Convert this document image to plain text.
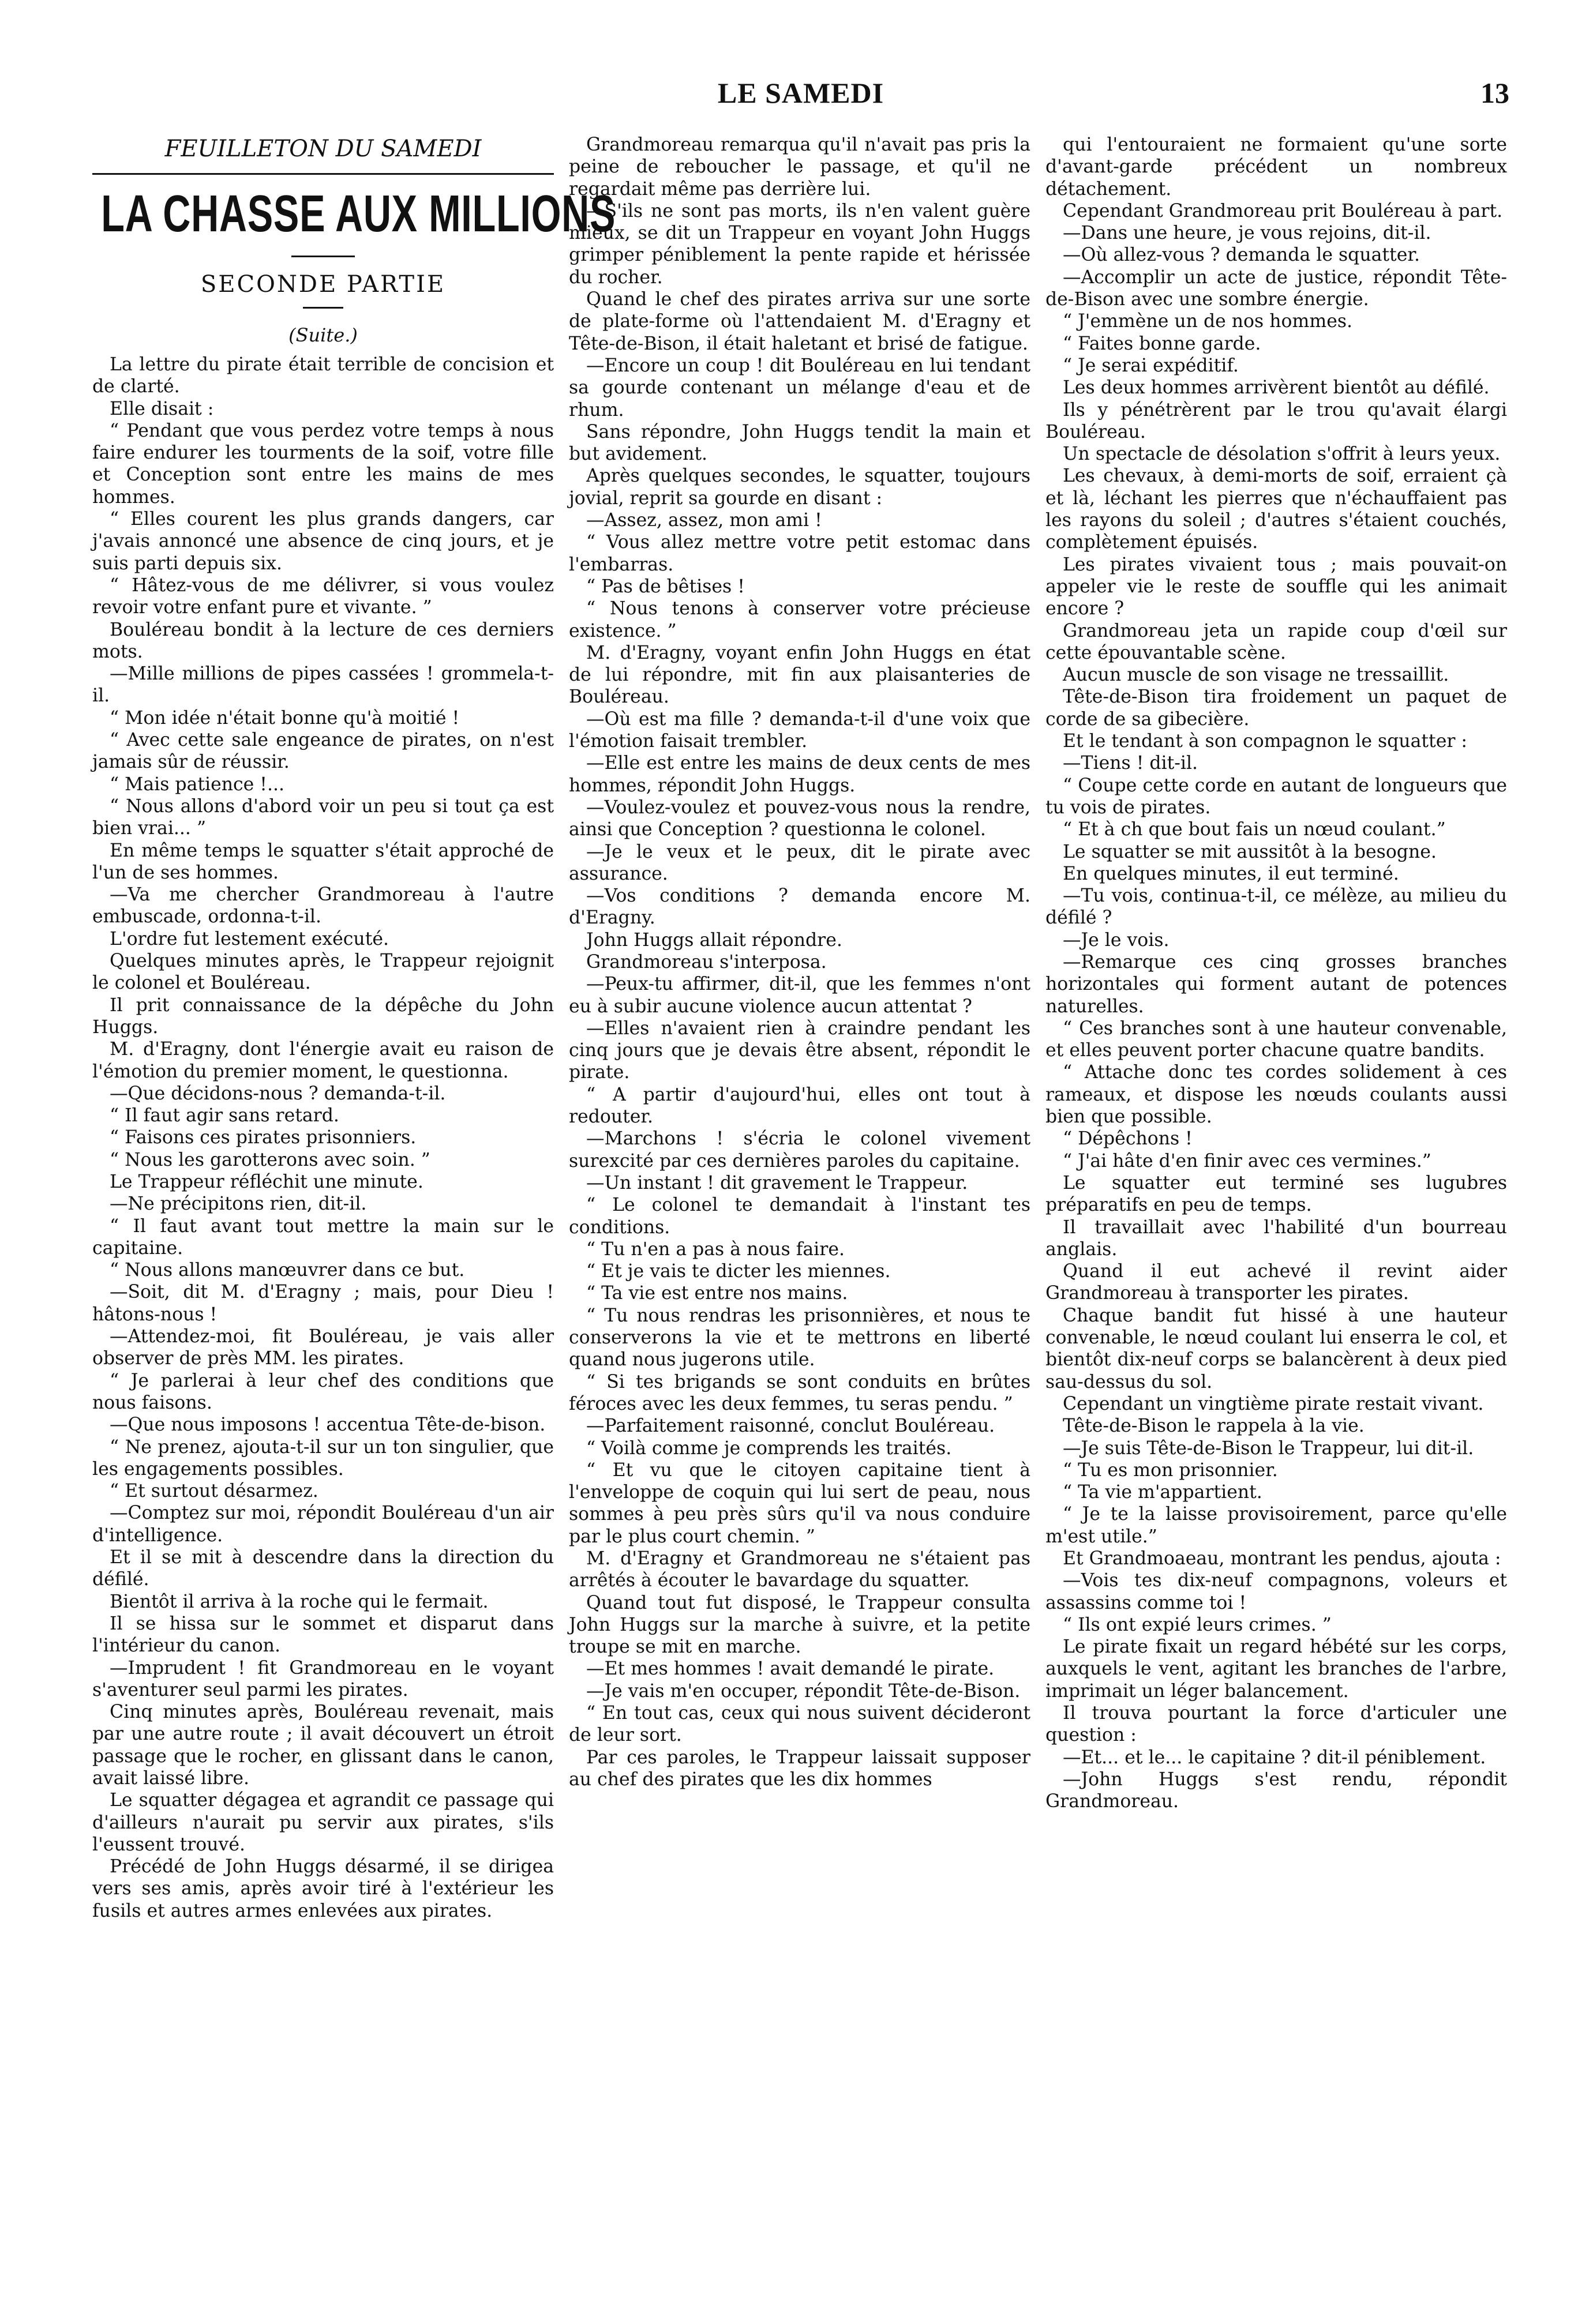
LE SAMEDI	13
FEUILLETON DU SAMEDI
LA CHASSE AUX MILLIONS
SECONDE PARTIE
(Suite.)

La lettre du pirate était terrible de concision et de clarté.

Elle disait :

“ Pendant que vous perdez votre temps à nous faire endurer les tourments de la soif, votre fille et Conception sont entre les mains de mes hommes.

“ Elles courent les plus grands dangers, car j'avais annoncé une absence de cinq jours, et je suis parti depuis six.

“ Hâtez-vous de me délivrer, si vous voulez revoir votre enfant pure et vivante. ”

Bouléreau bondit à la lecture de ces derniers mots.

—Mille millions de pipes cassées ! grommela-t-il.

“ Mon idée n'était bonne qu'à moitié !

“ Avec cette sale engeance de pirates, on n'est jamais sûr de réussir.

“ Mais patience !...

“ Nous allons d'abord voir un peu si tout ça est bien vrai... ”

En même temps le squatter s'était approché de l'un de ses hommes.

—Va me chercher Grandmoreau à l'autre embuscade, ordonna-t-il.

L'ordre fut lestement exécuté.

Quelques minutes après, le Trappeur rejoignit le colonel et Bouléreau.

Il prit connaissance de la dépêche du John Huggs.

M. d'Eragny, dont l'énergie avait eu raison de l'émotion du premier moment, le questionna.

—Que décidons-nous ? demanda-t-il.

“ Il faut agir sans retard.

“ Faisons ces pirates prisonniers.

“ Nous les garotterons avec soin. ”

Le Trappeur réfléchit une minute.

—Ne précipitons rien, dit-il.

“ Il faut avant tout mettre la main sur le capitaine.

“ Nous allons manœuvrer dans ce but.

—Soit, dit M. d'Eragny ; mais, pour Dieu ! hâtons-nous !

—Attendez-moi, fit Bouléreau, je vais aller observer de près MM. les pirates.

“ Je parlerai à leur chef des conditions que nous faisons.

—Que nous imposons ! accentua Tête-de-bison.

“ Ne prenez, ajouta-t-il sur un ton singulier, que les engagements possibles.

“ Et surtout désarmez.

—Comptez sur moi, répondit Bouléreau d'un air d'intelligence.

Et il se mit à descendre dans la direction du défilé.

Bientôt il arriva à la roche qui le fermait.

Il se hissa sur le sommet et disparut dans l'intérieur du canon.

—Imprudent ! fit Grandmoreau en le voyant s'aventurer seul parmi les pirates.

Cinq minutes après, Bouléreau revenait, mais par une autre route ; il avait découvert un étroit passage que le rocher, en glissant dans le canon, avait laissé libre.

Le squatter dégagea et agrandit ce passage qui d'ailleurs n'aurait pu servir aux pirates, s'ils l'eussent trouvé.

Précédé de John Huggs désarmé, il se dirigea vers ses amis, après avoir tiré à l'extérieur les fusils et autres armes enlevées aux pirates.

Grandmoreau remarqua qu'il n'avait pas pris la peine de reboucher le passage, et qu'il ne regardait même pas derrière lui.

—S'ils ne sont pas morts, ils n'en valent guère mieux, se dit un Trappeur en voyant John Huggs grimper péniblement la pente rapide et hérissée du rocher.

Quand le chef des pirates arriva sur une sorte de plate-forme où l'attendaient M. d'Eragny et Tête-de-Bison, il était haletant et brisé de fatigue.

—Encore un coup ! dit Bouléreau en lui tendant sa gourde contenant un mélange d'eau et de rhum.

Sans répondre, John Huggs tendit la main et but avidement.

Après quelques secondes, le squatter, toujours jovial, reprit sa gourde en disant :

—Assez, assez, mon ami !

“ Vous allez mettre votre petit estomac dans l'embarras.

“ Pas de bêtises !

“ Nous tenons à conserver votre précieuse existence. ”

M. d'Eragny, voyant enfin John Huggs en état de lui répondre, mit fin aux plaisanteries de Bouléreau.

—Où est ma fille ? demanda-t-il d'une voix que l'émotion faisait trembler.

—Elle est entre les mains de deux cents de mes hommes, répondit John Huggs.

—Voulez-voulez et pouvez-vous nous la rendre, ainsi que Conception ? questionna le colonel.

—Je le veux et le peux, dit le pirate avec assurance.

—Vos conditions ? demanda encore M. d'Eragny.

John Huggs allait répondre.

Grandmoreau s'interposa.

—Peux-tu affirmer, dit-il, que les femmes n'ont eu à subir aucune violence aucun attentat ?

—Elles n'avaient rien à craindre pendant les cinq jours que je devais être absent, répondit le pirate.

“ A partir d'aujourd'hui, elles ont tout à redouter.

—Marchons ! s'écria le colonel vivement surexcité par ces dernières paroles du capitaine.

—Un instant ! dit gravement le Trappeur.

“ Le colonel te demandait à l'instant tes conditions.

“ Tu n'en a pas à nous faire.

“ Et je vais te dicter les miennes.

“ Ta vie est entre nos mains.

“ Tu nous rendras les prisonnières, et nous te conserverons la vie et te mettrons en liberté quand nous jugerons utile.

“ Si tes brigands se sont conduits en brûtes féroces avec les deux femmes, tu seras pendu. ”

—Parfaitement raisonné, conclut Bouléreau.

“ Voilà comme je comprends les traités.

“ Et vu que le citoyen capitaine tient à l'enveloppe de coquin qui lui sert de peau, nous sommes à peu près sûrs qu'il va nous conduire par le plus court chemin. ”

M. d'Eragny et Grandmoreau ne s'étaient pas arrêtés à écouter le bavardage du squatter.

Quand tout fut disposé, le Trappeur consulta John Huggs sur la marche à suivre, et la petite troupe se mit en marche.

—Et mes hommes ! avait demandé le pirate.

—Je vais m'en occuper, répondit Tête-de-Bison.

“ En tout cas, ceux qui nous suivent décideront de leur sort.

Par ces paroles, le Trappeur laissait supposer au chef des pirates que les dix hommes

qui l'entouraient ne formaient qu'une sorte d'avant-garde précédent un nombreux détachement.

Cependant Grandmoreau prit Bouléreau à part.

—Dans une heure, je vous rejoins, dit-il.

—Où allez-vous ? demanda le squatter.

—Accomplir un acte de justice, répondit Tête-de-Bison avec une sombre énergie.

“ J'emmène un de nos hommes.

“ Faites bonne garde.

“ Je serai expéditif.

Les deux hommes arrivèrent bientôt au défilé.

Ils y pénétrèrent par le trou qu'avait élargi Bouléreau.

Un spectacle de désolation s'offrit à leurs yeux.

Les chevaux, à demi-morts de soif, erraient çà et là, léchant les pierres que n'échauffaient pas les rayons du soleil ; d'autres s'étaient couchés, complètement épuisés.

Les pirates vivaient tous ; mais pouvait-on appeler vie le reste de souffle qui les animait encore ?

Grandmoreau jeta un rapide coup d'œil sur cette épouvantable scène.

Aucun muscle de son visage ne tressaillit.

Tête-de-Bison tira froidement un paquet de corde de sa gibecière.

Et le tendant à son compagnon le squatter :

—Tiens ! dit-il.

“ Coupe cette corde en autant de longueurs que tu vois de pirates.

“ Et à ch que bout fais un nœud coulant.”

Le squatter se mit aussitôt à la besogne.

En quelques minutes, il eut terminé.

—Tu vois, continua-t-il, ce mélèze, au milieu du défilé ?

—Je le vois.

—Remarque ces cinq grosses branches horizontales qui forment autant de potences naturelles.

“ Ces branches sont à une hauteur convenable, et elles peuvent porter chacune quatre bandits.

“ Attache donc tes cordes solidement à ces rameaux, et dispose les nœuds coulants aussi bien que possible.

“ Dépêchons !

“ J'ai hâte d'en finir avec ces vermines.”

Le squatter eut terminé ses lugubres préparatifs en peu de temps.

Il travaillait avec l'habilité d'un bourreau anglais.

Quand il eut achevé il revint aider Grandmoreau à transporter les pirates.

Chaque bandit fut hissé à une hauteur convenable, le nœud coulant lui enserra le col, et bientôt dix-neuf corps se balancèrent à deux pied sau-dessus du sol.

Cependant un vingtième pirate restait vivant.

Tête-de-Bison le rappela à la vie.

—Je suis Tête-de-Bison le Trappeur, lui dit-il.

“ Tu es mon prisonnier.

“ Ta vie m'appartient.

“ Je te la laisse provisoirement, parce qu'elle m'est utile.”

Et Grandmoaeau, montrant les pendus, ajouta :

—Vois tes dix-neuf compagnons, voleurs et assassins comme toi !

“ Ils ont expié leurs crimes. ”

Le pirate fixait un regard hébété sur les corps, auxquels le vent, agitant les branches de l'arbre, imprimait un léger balancement.

Il trouva pourtant la force d'articuler une question :

—Et... et le... le capitaine ? dit-il péniblement.

—John Huggs s'est rendu, répondit Grandmoreau.
